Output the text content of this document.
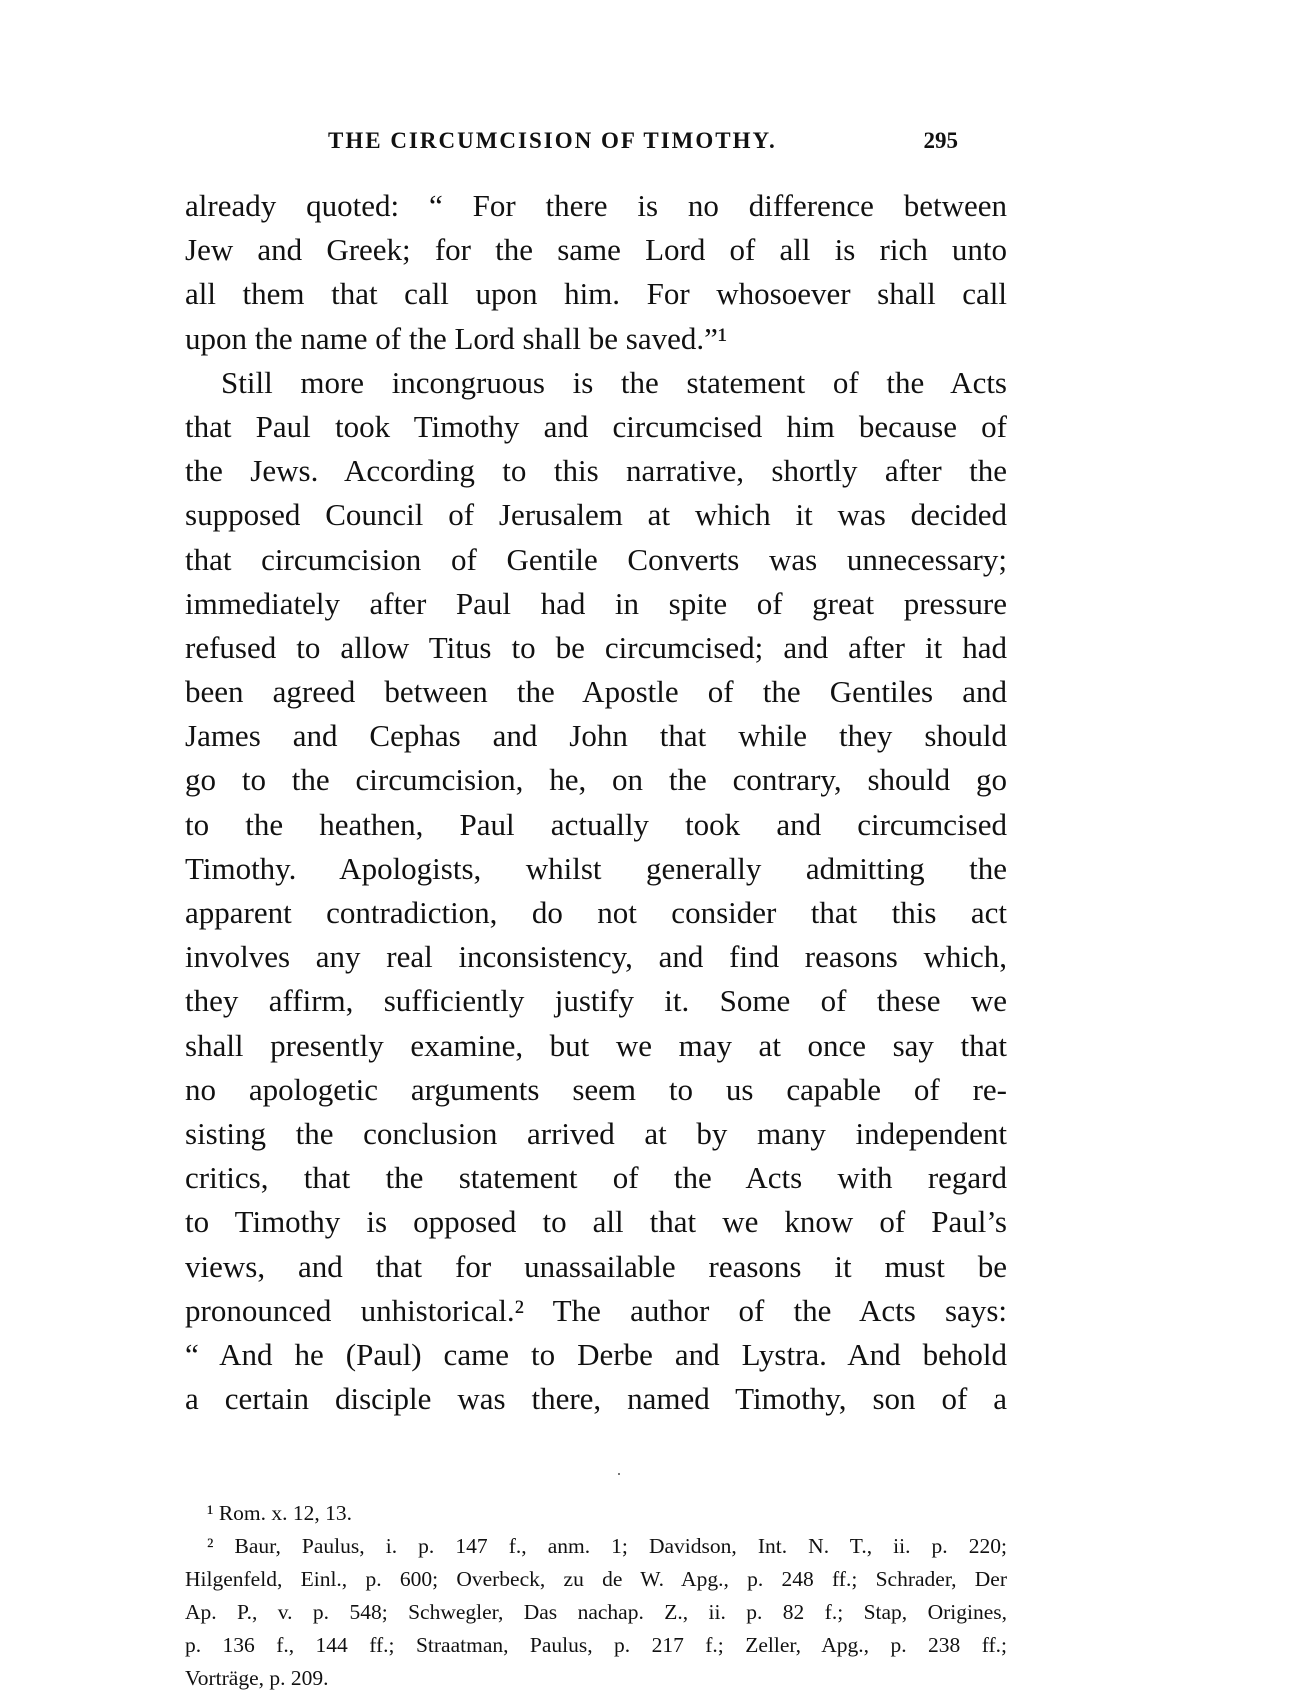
THE CIRCUMCISION OF TIMOTHY.	295
already quoted: “ For there is no difference between
Jew and Greek; for the same Lord of all is rich unto
all them that call upon him. For whosoever shall call
upon the name of the Lord shall be saved.”¹
Still more incongruous is the statement of the Acts
that Paul took Timothy and circumcised him because of
the Jews. According to this narrative, shortly after the
supposed Council of Jerusalem at which it was decided
that circumcision of Gentile Converts was unnecessary;
immediately after Paul had in spite of great pressure
refused to allow Titus to be circumcised; and after it had
been agreed between the Apostle of the Gentiles and
James and Cephas and John that while they should
go to the circumcision, he, on the contrary, should go
to the heathen, Paul actually took and circumcised
Timothy. Apologists, whilst generally admitting the
apparent contradiction, do not consider that this act
involves any real inconsistency, and find reasons which,
they affirm, sufficiently justify it. Some of these we
shall presently examine, but we may at once say that
no apologetic arguments seem to us capable of re-
sisting the conclusion arrived at by many independent
critics, that the statement of the Acts with regard
to Timothy is opposed to all that we know of Paul’s
views, and that for unassailable reasons it must be
pronounced unhistorical.² The author of the Acts says:
“ And he (Paul) came to Derbe and Lystra. And behold
a certain disciple was there, named Timothy, son of a
¹ Rom. x. 12, 13.
² Baur, Paulus, i. p. 147 f., anm. 1; Davidson, Int. N. T., ii. p. 220;
Hilgenfeld, Einl., p. 600; Overbeck, zu de W. Apg., p. 248 ff.; Schrader, Der
Ap. P., v. p. 548; Schwegler, Das nachap. Z., ii. p. 82 f.; Stap, Origines,
p. 136 f., 144 ff.; Straatman, Paulus, p. 217 f.; Zeller, Apg., p. 238 ff.;
Vorträge, p. 209.
